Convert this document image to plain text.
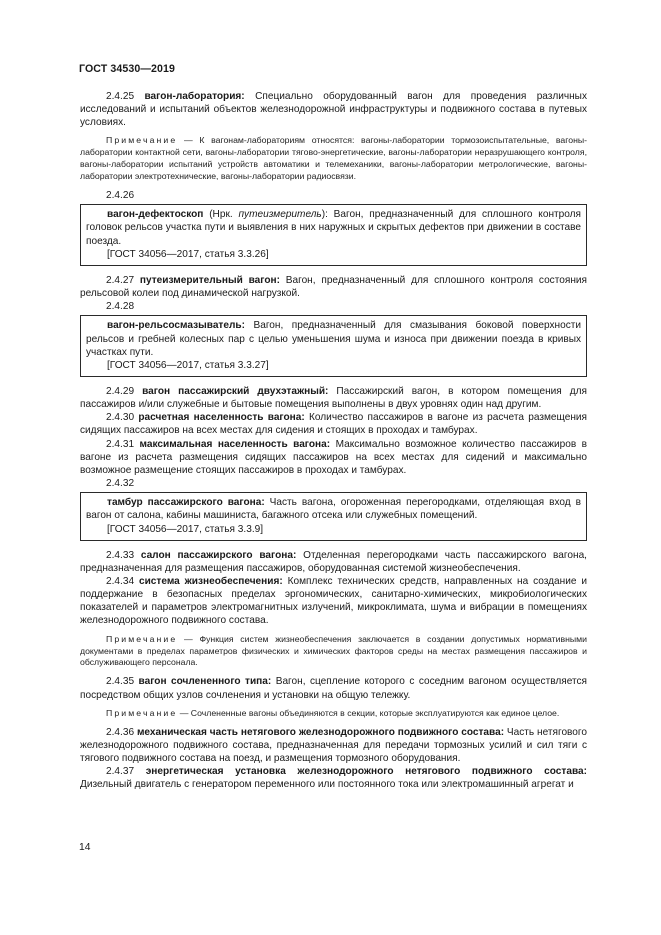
ГОСТ 34530—2019

2.4.25 вагон-лаборатория: Специально оборудованный вагон для проведения различных исследований и испытаний объектов железнодорожной инфраструктуры и подвижного состава в путевых условиях.

Примечание — К вагонам-лабораториям относятся: вагоны-лаборатории тормозоиспытательные, вагоны-лаборатории контактной сети, вагоны-лаборатории тягово-энергетические, вагоны-лаборатории неразрушающего контроля, вагоны-лаборатории испытаний устройств автоматики и телемеханики, вагоны-лаборатории метрологические, вагоны-лаборатории электротехнические, вагоны-лаборатории радиосвязи.

2.4.26

вагон-дефектоскоп (Нрк. путеизмеритель): Вагон, предназначенный для сплошного контроля головок рельсов участка пути и выявления в них наружных и скрытых дефектов при движении в составе поезда.

[ГОСТ 34056—2017, статья 3.3.26]

2.4.27 путеизмерительный вагон: Вагон, предназначенный для сплошного контроля состояния рельсовой колеи под динамической нагрузкой.

2.4.28

вагон-рельсосмазыватель: Вагон, предназначенный для смазывания боковой поверхности рельсов и гребней колесных пар с целью уменьшения шума и износа при движении поезда в кривых участках пути.

[ГОСТ 34056—2017, статья 3.3.27]

2.4.29 вагон пассажирский двухэтажный: Пассажирский вагон, в котором помещения для пассажиров и/или служебные и бытовые помещения выполнены в двух уровнях один над другим.

2.4.30 расчетная населенность вагона: Количество пассажиров в вагоне из расчета размещения сидящих пассажиров на всех местах для сидения и стоящих в проходах и тамбурах.

2.4.31 максимальная населенность вагона: Максимально возможное количество пассажиров в вагоне из расчета размещения сидящих пассажиров на всех местах для сидений и максимально возможное размещение стоящих пассажиров в проходах и тамбурах.

2.4.32

тамбур пассажирского вагона: Часть вагона, огороженная перегородками, отделяющая вход в вагон от салона, кабины машиниста, багажного отсека или служебных помещений.

[ГОСТ 34056—2017, статья 3.3.9]

2.4.33 салон пассажирского вагона: Отделенная перегородками часть пассажирского вагона, предназначенная для размещения пассажиров, оборудованная системой жизнеобеспечения.

2.4.34 система жизнеобеспечения: Комплекс технических средств, направленных на создание и поддержание в безопасных пределах эргономических, санитарно-химических, микробиологических показателей и параметров электромагнитных излучений, микроклимата, шума и вибрации в помещениях железнодорожного подвижного состава.

Примечание — Функция систем жизнеобеспечения заключается в создании допустимых нормативными документами в пределах параметров физических и химических факторов среды на местах размещения пассажиров и обслуживающего персонала.

2.4.35 вагон сочлененного типа: Вагон, сцепление которого с соседним вагоном осуществляется посредством общих узлов сочленения и установки на общую тележку.

Примечание — Сочлененные вагоны объединяются в секции, которые эксплуатируются как единое целое.

2.4.36 механическая часть нетягового железнодорожного подвижного состава: Часть нетягового железнодорожного подвижного состава, предназначенная для передачи тормозных усилий и сил тяги с тягового подвижного состава на поезд, и размещения тормозного оборудования.

2.4.37 энергетическая установка железнодорожного нетягового подвижного состава: Дизельный двигатель с генератором переменного или постоянного тока или электромашинный агрегат и

14
